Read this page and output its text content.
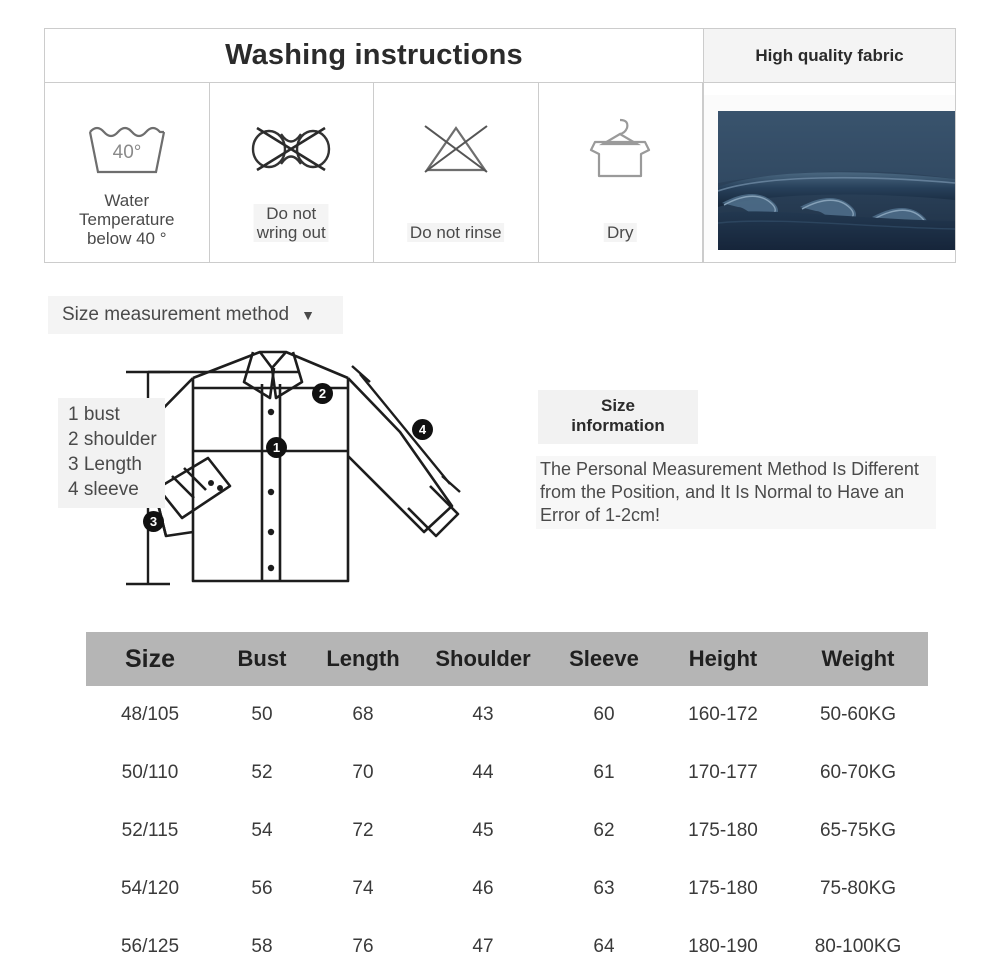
Washing instructions	High quality fabric
40°
Water
Temperature
below 40 °
Do not
wring out	Do not rinse	Dry
Size measurement method ▼
1 bust
2 shoulder
3 Length
4 sleeve
1
2
3
4
Size
information
The Personal Measurement Method Is Different from the Position, and It Is Normal to Have an Error of 1-2cm!
Size	Bust	Length	Shoulder	Sleeve	Height	Weight
48/105	50	68	43	60	160-172	50-60KG
50/110	52	70	44	61	170-177	60-70KG
52/115	54	72	45	62	175-180	65-75KG
54/120	56	74	46	63	175-180	75-80KG
56/125	58	76	47	64	180-190	80-100KG
